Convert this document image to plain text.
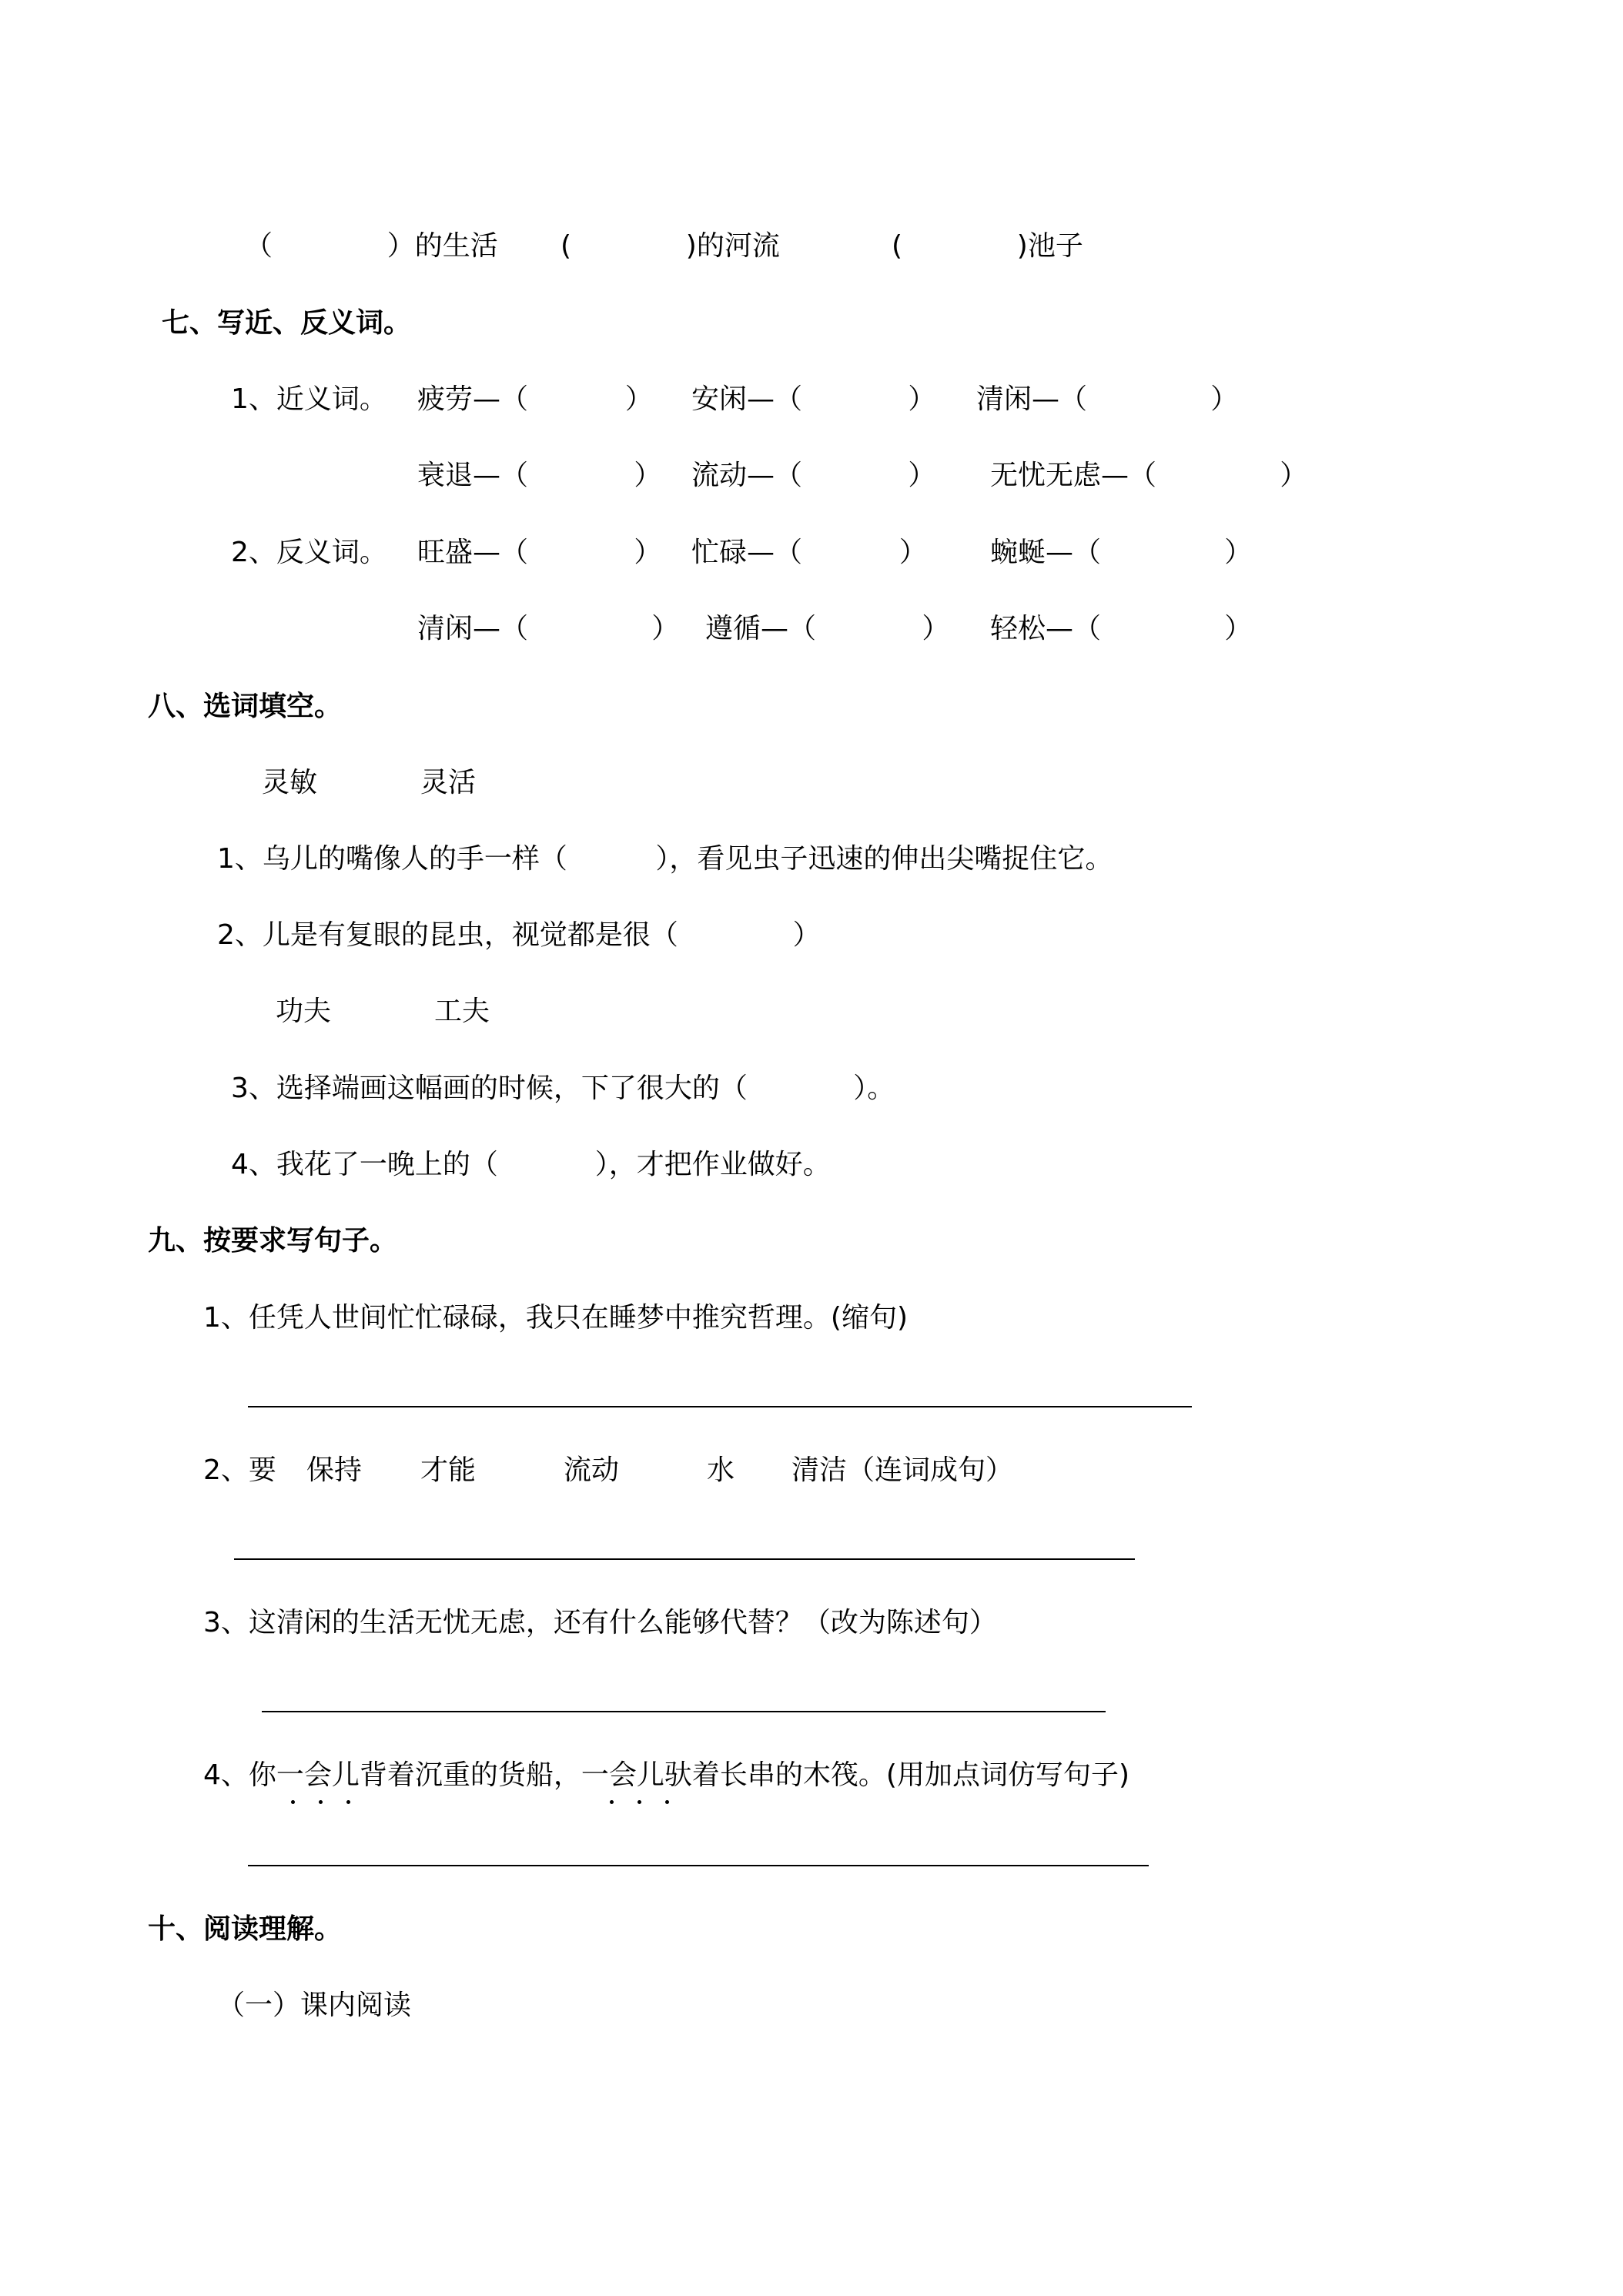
（             ）的生活 (             )的河流	(             )池子
七、写近、反义词。
1、近义词。 疲劳—（           ） 安闲—（            ） 清闲—（              ）
衰退—（            ） 流动—（            ） 无忧无虑—（              ）
2、反义词。 旺盛—（            ） 忙碌—（           ） 蜿蜒—（              ）
清闲—（              ） 遵循—（            ） 轻松—（              ）
八、选词填空。
灵敏	灵活
1、乌儿的嘴像人的手一样（          ），看见虫子迅速的伸出尖嘴捉住它。
2、儿是有复眼的昆虫，视觉都是很（             ）
功夫	工夫
3、选择端画这幅画的时候，下了很大的（            ）。
4、我花了一晚上的（           ），才把作业做好。
九、按要求写句子。
1、任凭人世间忙忙碌碌，我只在睡梦中推究哲理。(缩句)
2、要 保持 才能	流动	水 清洁（连词成句）
3、这清闲的生活无忧无虑，还有什么能够代替？（改为陈述句）
4、你一会儿背着沉重的货船，一会儿驮着长串的木筏。(用加点词仿写句子)
十、阅读理解。
（一）课内阅读
